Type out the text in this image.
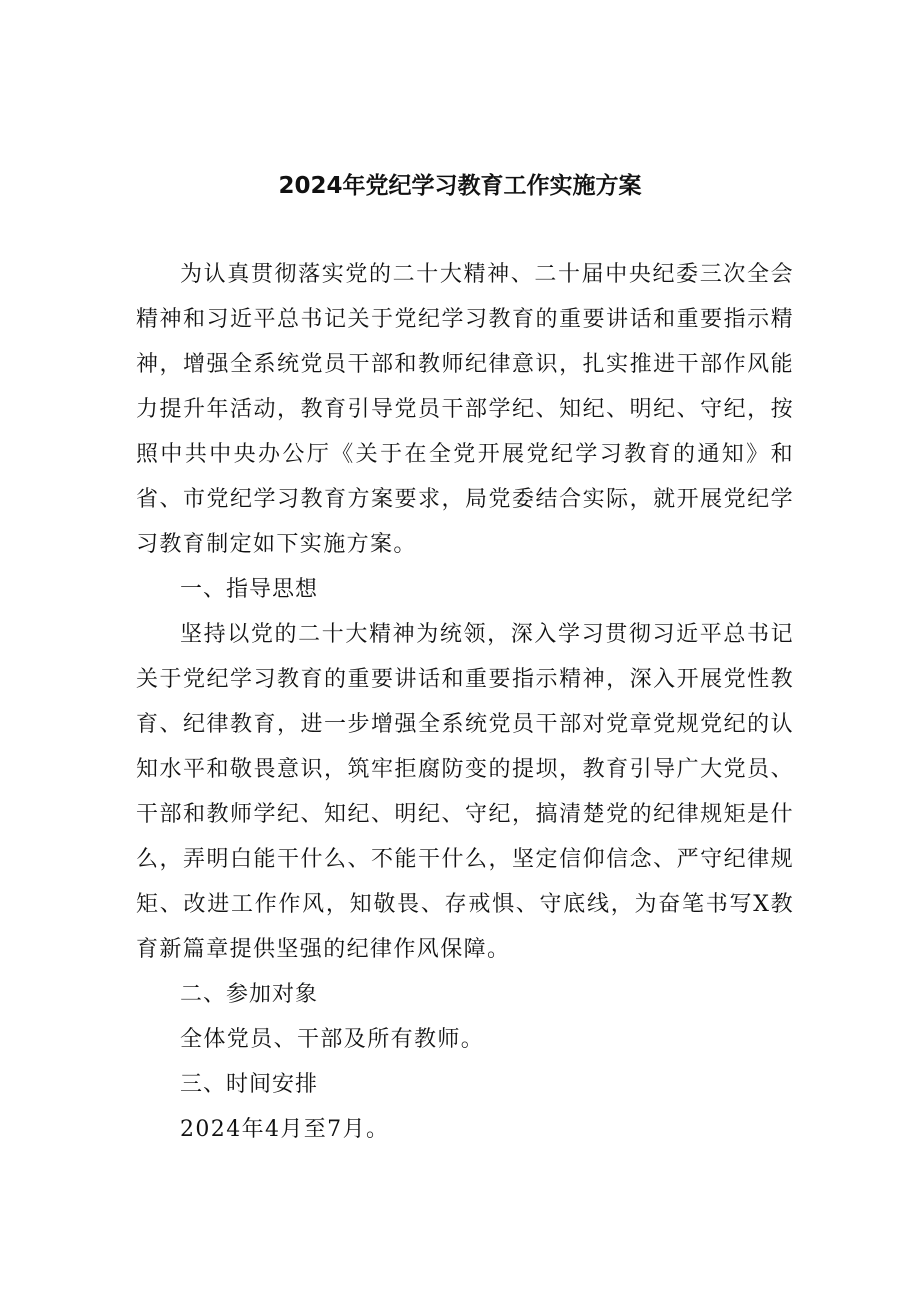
2024年党纪学习教育工作实施方案

为认真贯彻落实党的二十大精神、二十届中央纪委三次全会精神和习近平总书记关于党纪学习教育的重要讲话和重要指示精神，增强全系统党员干部和教师纪律意识，扎实推进干部作风能力提升年活动，教育引导党员干部学纪、知纪、明纪、守纪，按照中共中央办公厅《关于在全党开展党纪学习教育的通知》和省、市党纪学习教育方案要求，局党委结合实际，就开展党纪学习教育制定如下实施方案。

一、指导思想

坚持以党的二十大精神为统领，深入学习贯彻习近平总书记关于党纪学习教育的重要讲话和重要指示精神，深入开展党性教育、纪律教育，进一步增强全系统党员干部对党章党规党纪的认知水平和敬畏意识，筑牢拒腐防变的提坝，教育引导广大党员、干部和教师学纪、知纪、明纪、守纪，搞清楚党的纪律规矩是什么，弄明白能干什么、不能干什么，坚定信仰信念、严守纪律规矩、改进工作作风，知敬畏、存戒惧、守底线，为奋笔书写X教育新篇章提供坚强的纪律作风保障。

二、参加对象

全体党员、干部及所有教师。

三、时间安排

2024年4月至7月。
